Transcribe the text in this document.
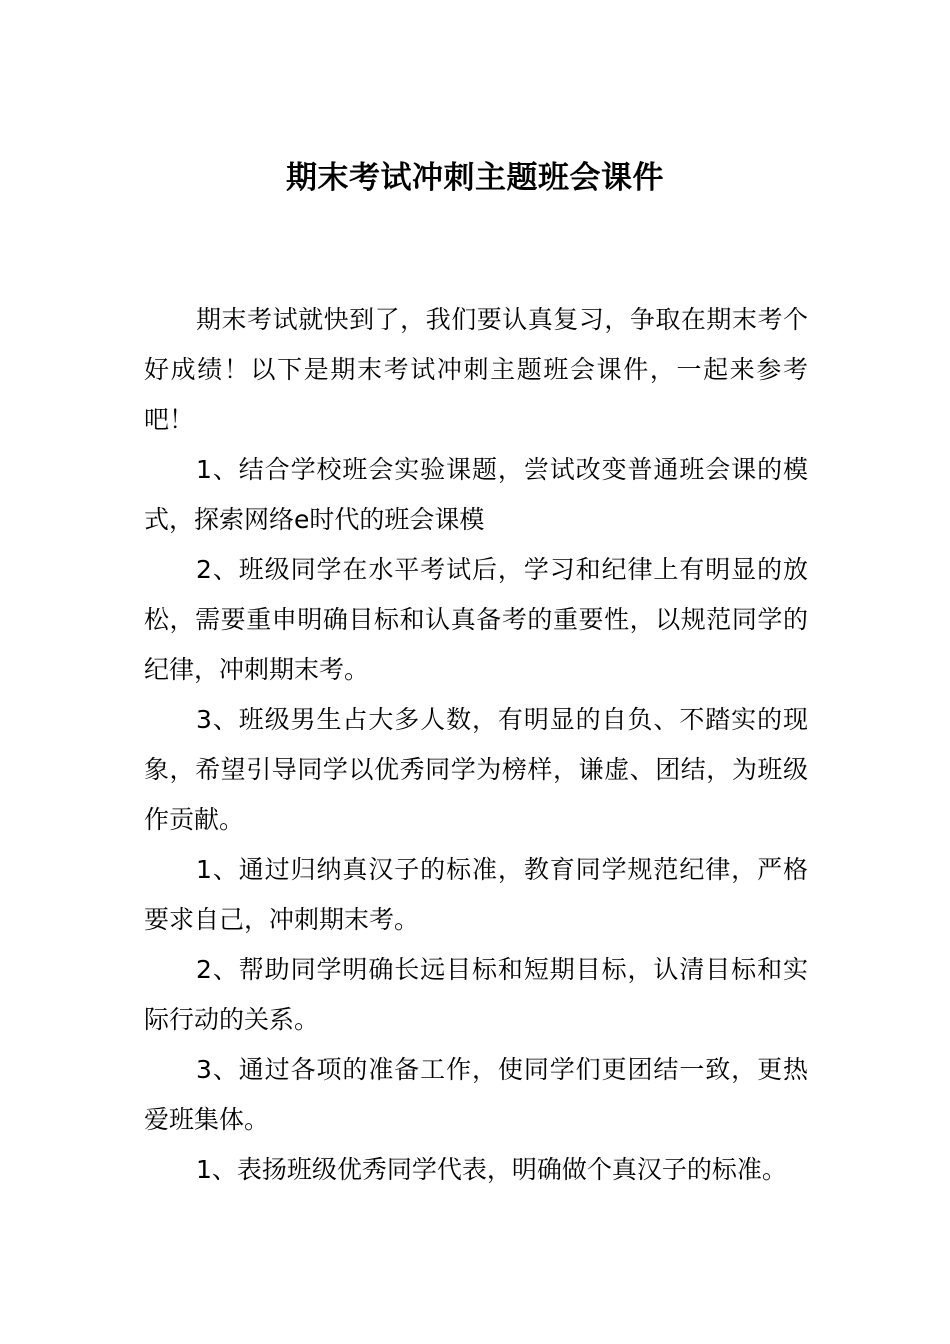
期末考试冲刺主题班会课件

期末考试就快到了，我们要认真复习，争取在期末考个好成绩！以下是期末考试冲刺主题班会课件，一起来参考吧！

1、结合学校班会实验课题，尝试改变普通班会课的模式，探索网络e时代的班会课模

2、班级同学在水平考试后，学习和纪律上有明显的放松，需要重申明确目标和认真备考的重要性，以规范同学的纪律，冲刺期末考。

3、班级男生占大多人数，有明显的自负、不踏实的现象，希望引导同学以优秀同学为榜样，谦虚、团结，为班级作贡献。

1、通过归纳真汉子的标准，教育同学规范纪律，严格要求自己，冲刺期末考。

2、帮助同学明确长远目标和短期目标，认清目标和实际行动的关系。

3、通过各项的准备工作，使同学们更团结一致，更热爱班集体。

1、表扬班级优秀同学代表，明确做个真汉子的标准。
